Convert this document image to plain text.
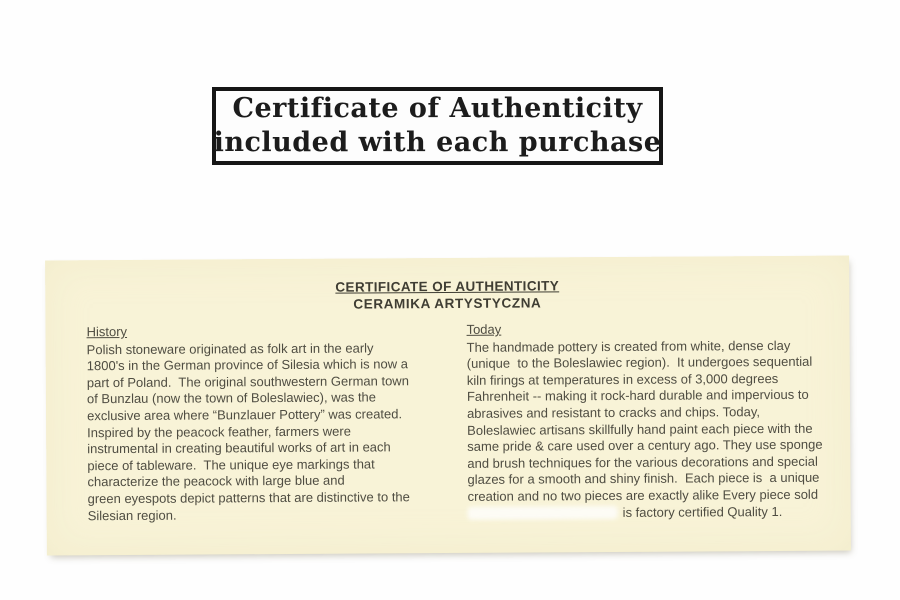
Certificate of Authenticity
included with each purchase
CERTIFICATE OF AUTHENTICITY
CERAMIKA ARTYSTYCZNA
History
Polish stoneware originated as folk art in the early
1800's in the German province of Silesia which is now a
part of Poland.  The original southwestern German town
of Bunzlau (now the town of Boleslawiec), was the
exclusive area where “Bunzlauer Pottery” was created.
Inspired by the peacock feather, farmers were
instrumental in creating beautiful works of art in each
piece of tableware.  The unique eye markings that
characterize the peacock with large blue and
green eyespots depict patterns that are distinctive to the
Silesian region.
Today
The handmade pottery is created from white, dense clay
(unique  to the Boleslawiec region).  It undergoes sequential
kiln firings at temperatures in excess of 3,000 degrees
Fahrenheit -- making it rock-hard durable and impervious to
abrasives and resistant to cracks and chips. Today,
Boleslawiec artisans skillfully hand paint each piece with the
same pride & care used over a century ago. They use sponge
and brush techniques for the various decorations and special
glazes for a smooth and shiny finish.  Each piece is  a unique
creation and no two pieces are exactly alike Every piece sold
is factory certified Quality 1.
